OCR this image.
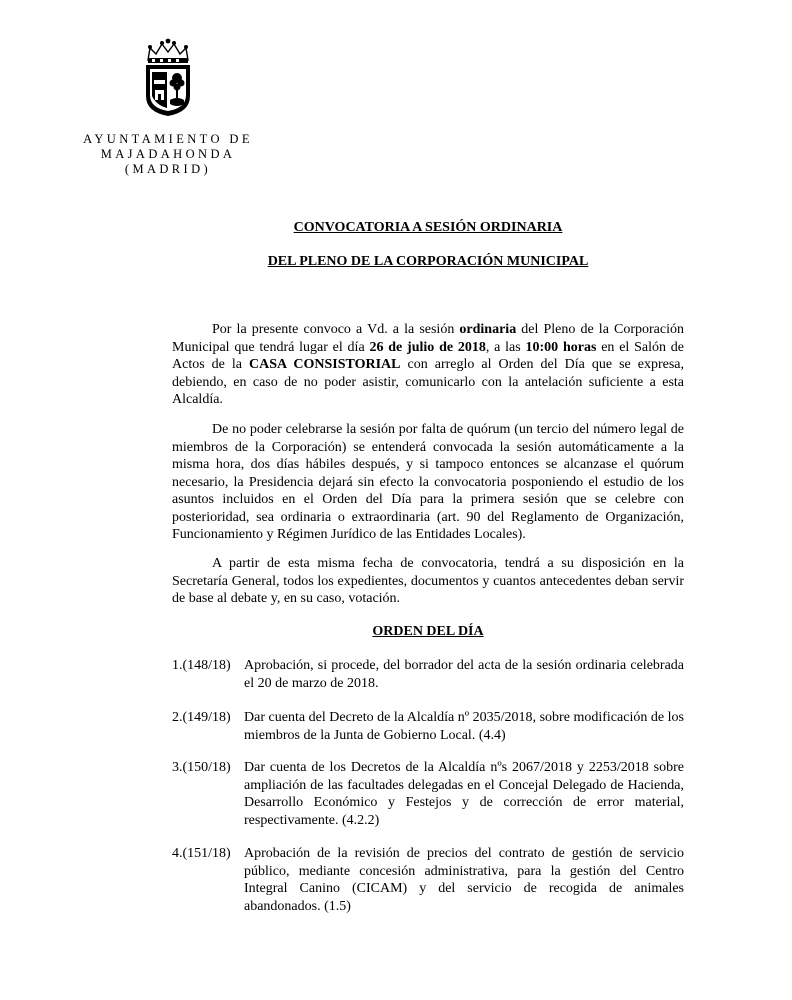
AYUNTAMIENTO DE
MAJADAHONDA
(MADRID)
CONVOCATORIA A SESIÓN ORDINARIA
DEL PLENO DE LA CORPORACIÓN MUNICIPAL

Por la presente convoco a Vd. a la sesión ordinaria del Pleno de la Corporación Municipal que tendrá lugar el día 26 de julio de 2018, a las 10:00 horas en el Salón de Actos de la CASA CONSISTORIAL con arreglo al Orden del Día que se expresa, debiendo, en caso de no poder asistir, comunicarlo con la antelación suficiente a esta Alcaldía.

De no poder celebrarse la sesión por falta de quórum (un tercio del número legal de miembros de la Corporación) se entenderá convocada la sesión automáticamente a la misma hora, dos días hábiles después, y si tampoco entonces se alcanzase el quórum necesario, la Presidencia dejará sin efecto la convocatoria posponiendo el estudio de los asuntos incluidos en el Orden del Día para la primera sesión que se celebre con posterioridad, sea ordinaria o extraordinaria (art. 90 del Reglamento de Organización, Funcionamiento y Régimen Jurídico de las Entidades Locales).

A partir de esta misma fecha de convocatoria, tendrá a su disposición en la Secretaría General, todos los expedientes, documentos y cuantos antecedentes deban servir de base al debate y, en su caso, votación.

ORDEN DEL DÍA
1.(148/18) Aprobación, si procede, del borrador del acta de la sesión ordinaria celebrada el 20 de marzo de 2018.
2.(149/18) Dar cuenta del Decreto de la Alcaldía nº 2035/2018, sobre modificación de los miembros de la Junta de Gobierno Local. (4.4)
3.(150/18) Dar cuenta de los Decretos de la Alcaldía nºs 2067/2018 y 2253/2018 sobre ampliación de las facultades delegadas en el Concejal Delegado de Hacienda, Desarrollo Económico y Festejos y de corrección de error material, respectivamente. (4.2.2)
4.(151/18) Aprobación de la revisión de precios del contrato de gestión de servicio público, mediante concesión administrativa, para la gestión del Centro Integral Canino (CICAM) y del servicio de recogida de animales abandonados. (1.5)
